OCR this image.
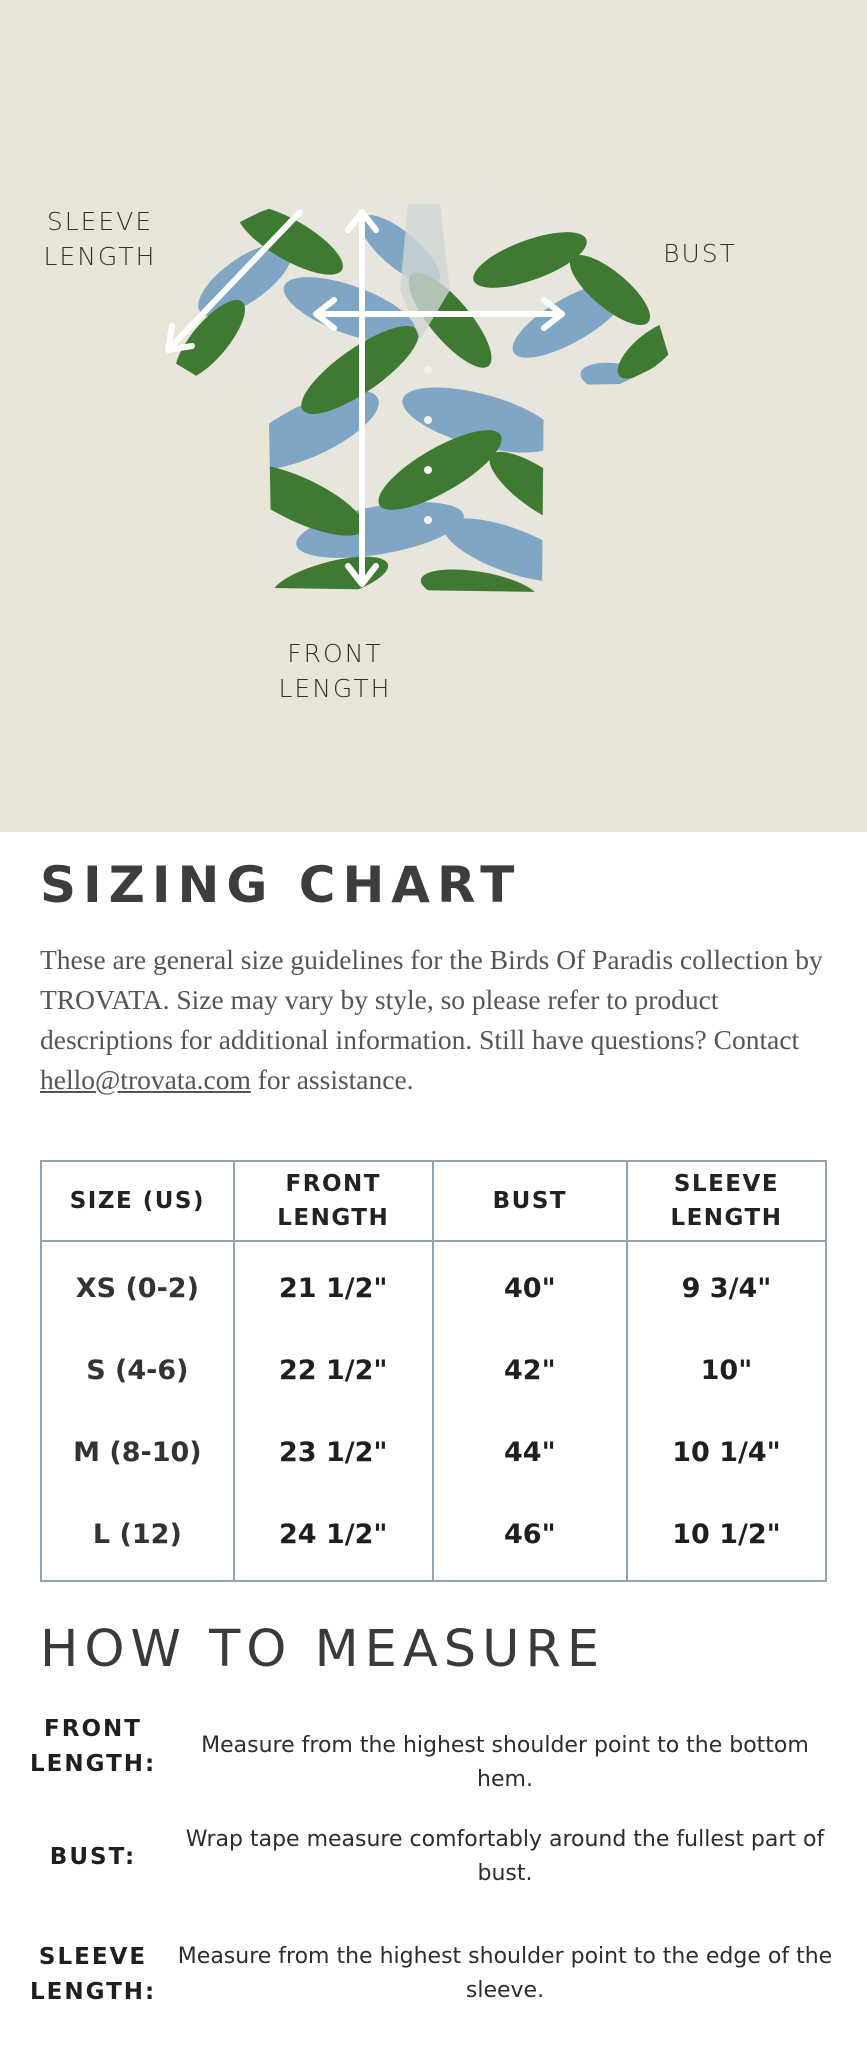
SLEEVE
LENGTH	BUST
FRONT
LENGTH
SIZING CHART

These are general size guidelines for the Birds Of Paradis collection by TROVATA. Size may vary by style, so please refer to product descriptions for additional information. Still have questions? Contact hello@trovata.com for assistance.

SIZE (US)	FRONT LENGTH	BUST	SLEEVE LENGTH
XS (0-2)	21 1/2"	40"	9 3/4"
S (4-6)	22 1/2"	42"	10"
M (8-10)	23 1/2"	44"	10 1/4"
L (12)	24 1/2"	46"	10 1/2"
HOW TO MEASURE
FRONT
LENGTH:
Measure from the highest shoulder point to the bottom hem.
BUST:
Wrap tape measure comfortably around the fullest part of bust.
SLEEVE
LENGTH:
Measure from the highest shoulder point to the edge of the sleeve.
